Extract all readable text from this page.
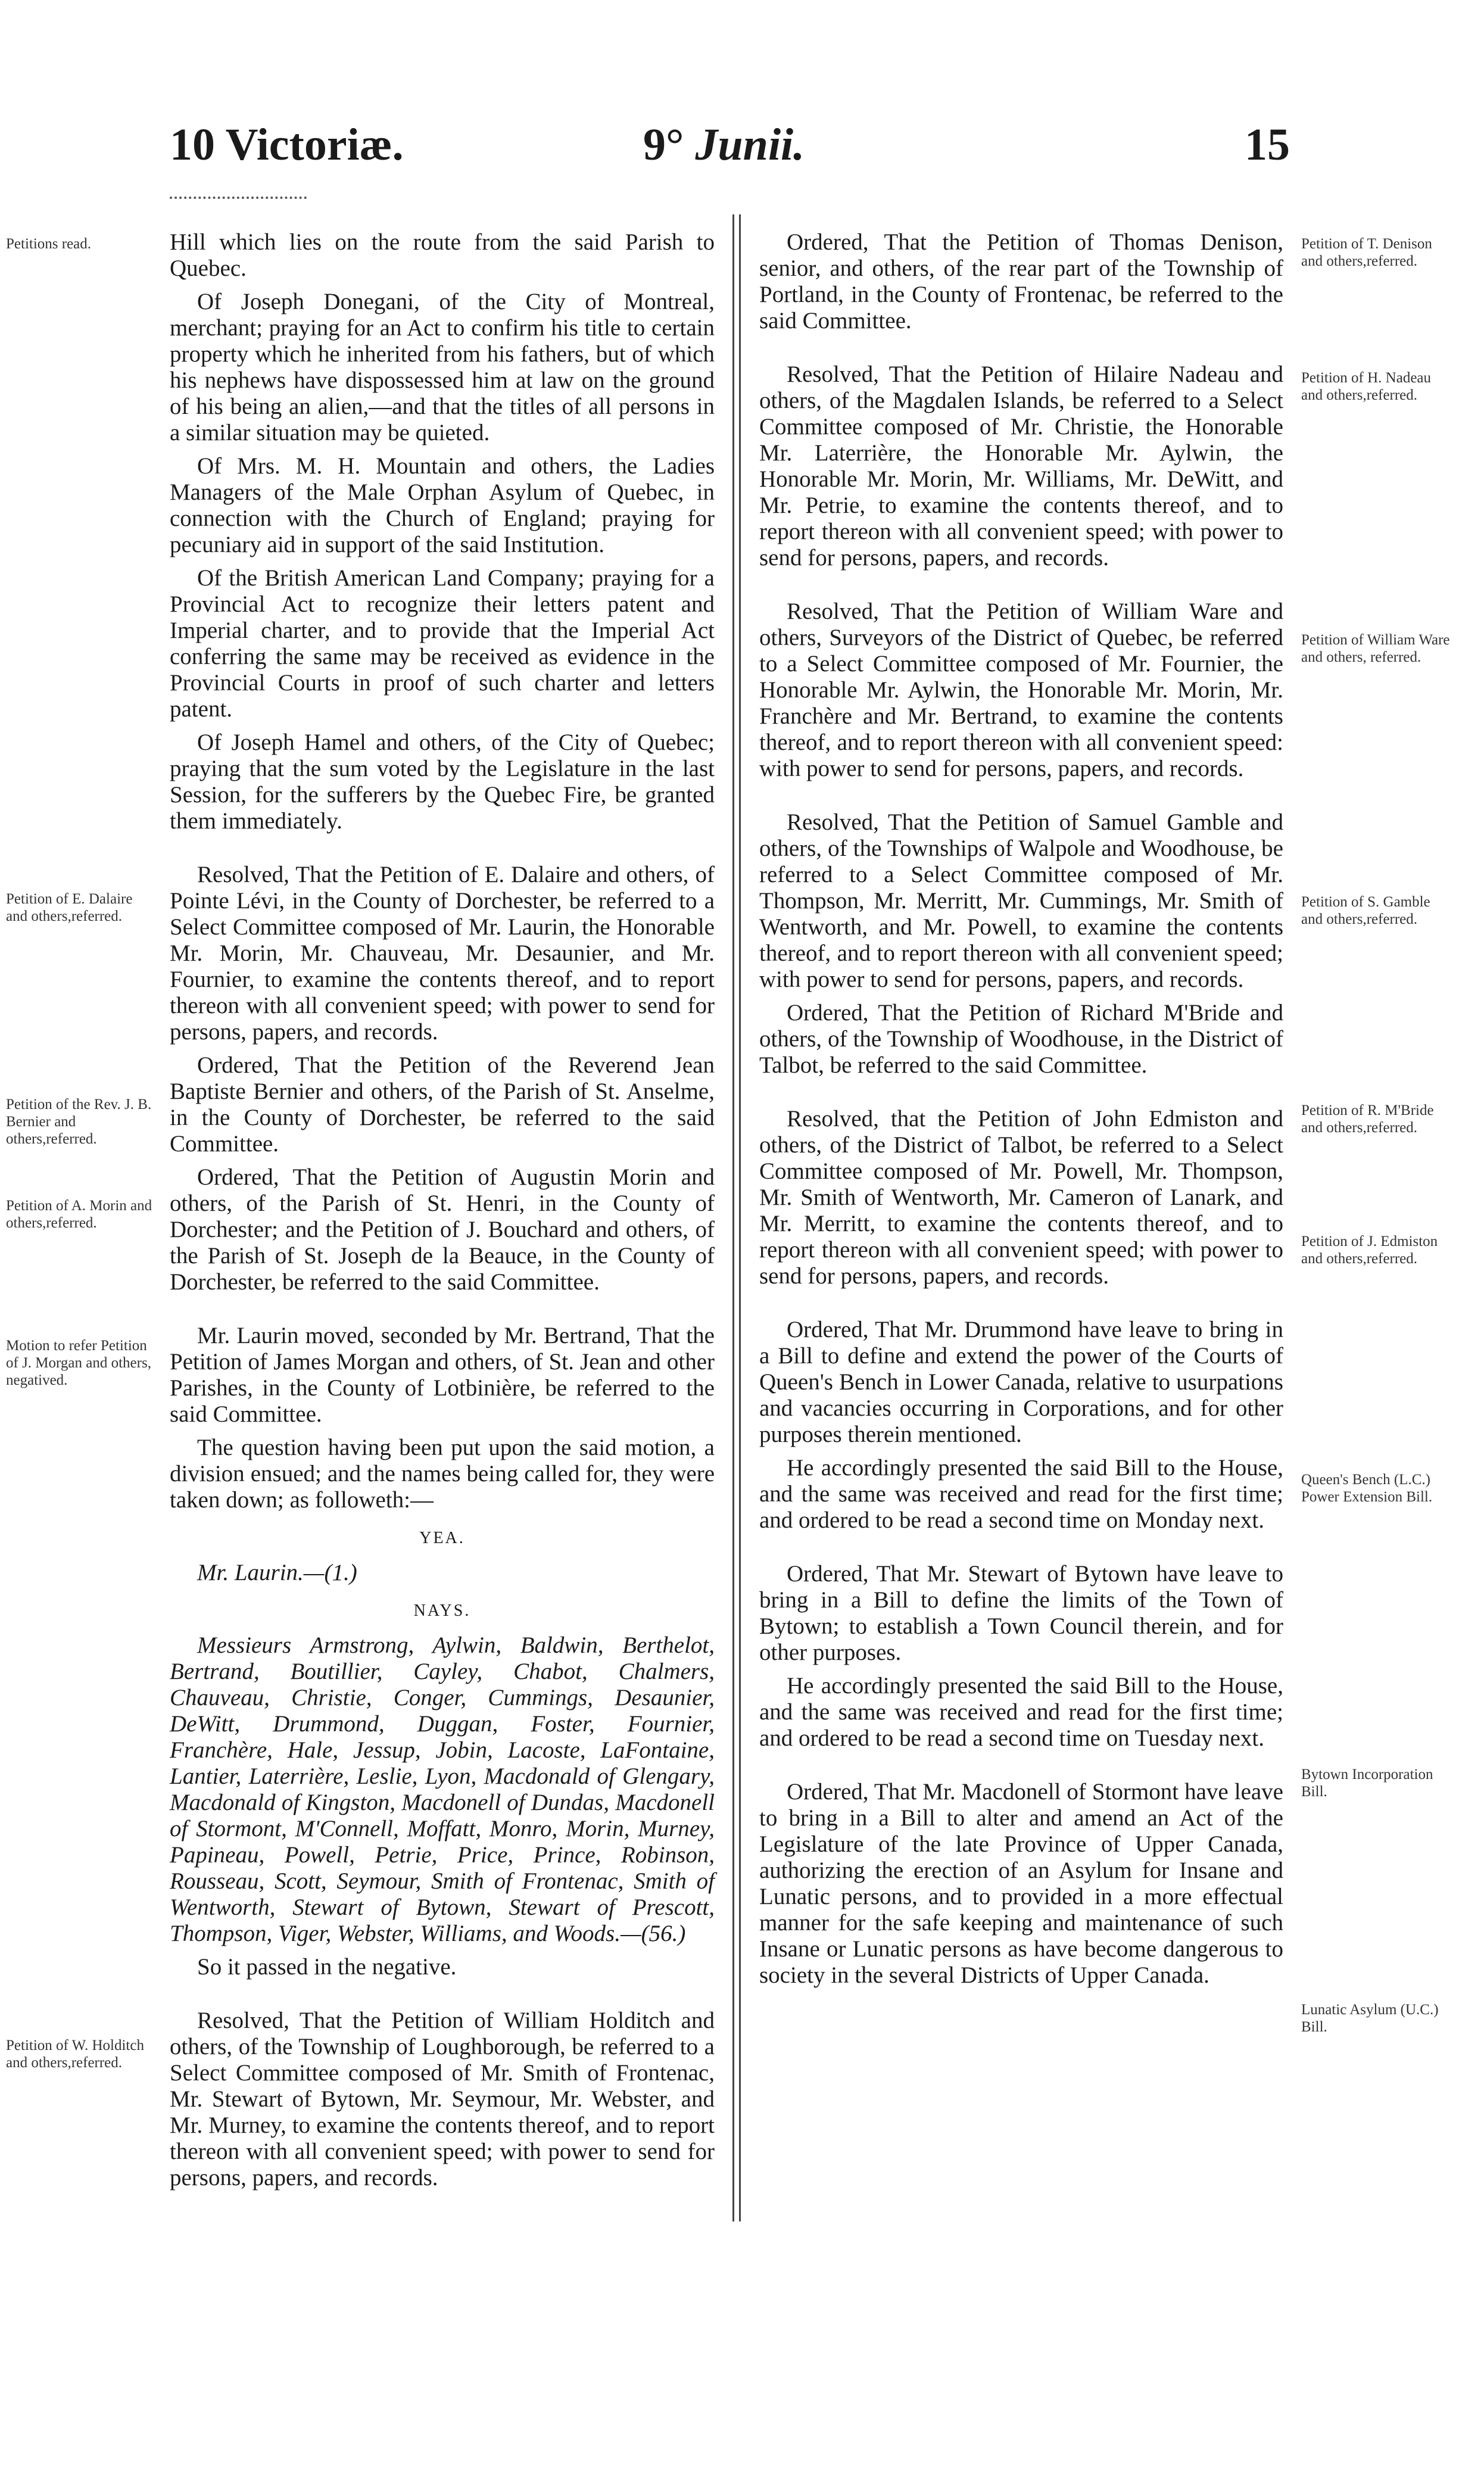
10 Victoriæ.	9° Junii.	15
Petitions read.
Petition of E. Dalaire and others,referred.
Petition of the Rev. J. B. Bernier and others,referred.
Petition of A. Morin and others,referred.
Motion to refer Petition of J. Morgan and others, negatived.
Petition of W. Holditch and others,referred.
Petition of T. Denison and others,referred.
Petition of H. Nadeau and others,referred.
Petition of William Ware and others, referred.
Petition of S. Gamble and others,referred.
Petition of R. M'Bride and others,referred.
Petition of J. Edmiston and others,referred.
Queen's Bench (L.C.) Power Extension Bill.
Bytown Incorporation Bill.
Lunatic Asylum (U.C.) Bill.

Hill which lies on the route from the said Parish to Quebec.

Of Joseph Donegani, of the City of Montreal, merchant; praying for an Act to confirm his title to certain property which he inherited from his fathers, but of which his nephews have dispossessed him at law on the ground of his being an alien,—and that the titles of all persons in a similar situation may be quieted.

Of Mrs. M. H. Mountain and others, the Ladies Managers of the Male Orphan Asylum of Quebec, in connection with the Church of England; praying for pecuniary aid in support of the said Institution.

Of the British American Land Company; praying for a Provincial Act to recognize their letters patent and Imperial charter, and to provide that the Imperial Act conferring the same may be received as evidence in the Provincial Courts in proof of such charter and letters patent.

Of Joseph Hamel and others, of the City of Quebec; praying that the sum voted by the Legislature in the last Session, for the sufferers by the Quebec Fire, be granted them immediately.

Resolved, That the Petition of E. Dalaire and others, of Pointe Lévi, in the County of Dorchester, be referred to a Select Committee composed of Mr. Laurin, the Honorable Mr. Morin, Mr. Chauveau, Mr. Desaunier, and Mr. Fournier, to examine the contents thereof, and to report thereon with all convenient speed; with power to send for persons, papers, and records.

Ordered, That the Petition of the Reverend Jean Baptiste Bernier and others, of the Parish of St. Anselme, in the County of Dorchester, be referred to the said Committee.

Ordered, That the Petition of Augustin Morin and others, of the Parish of St. Henri, in the County of Dorchester; and the Petition of J. Bouchard and others, of the Parish of St. Joseph de la Beauce, in the County of Dorchester, be referred to the said Committee.

Mr. Laurin moved, seconded by Mr. Bertrand, That the Petition of James Morgan and others, of St. Jean and other Parishes, in the County of Lotbinière, be referred to the said Committee.

The question having been put upon the said motion, a division ensued; and the names being called for, they were taken down; as followeth:—

YEA.

Mr. Laurin.—(1.)

NAYS.

Messieurs Armstrong, Aylwin, Baldwin, Berthelot, Bertrand, Boutillier, Cayley, Chabot, Chalmers, Chauveau, Christie, Conger, Cummings, Desaunier, DeWitt, Drummond, Duggan, Foster, Fournier, Franchère, Hale, Jessup, Jobin, Lacoste, LaFontaine, Lantier, Laterrière, Leslie, Lyon, Macdonald of Glengary, Macdonald of Kingston, Macdonell of Dundas, Macdonell of Stormont, M'Connell, Moffatt, Monro, Morin, Murney, Papineau, Powell, Petrie, Price, Prince, Robinson, Rousseau, Scott, Seymour, Smith of Frontenac, Smith of Wentworth, Stewart of Bytown, Stewart of Prescott, Thompson, Viger, Webster, Williams, and Woods.—(56.)

So it passed in the negative.

Resolved, That the Petition of William Holditch and others, of the Township of Loughborough, be referred to a Select Committee composed of Mr. Smith of Frontenac, Mr. Stewart of Bytown, Mr. Seymour, Mr. Webster, and Mr. Murney, to examine the contents thereof, and to report thereon with all convenient speed; with power to send for persons, papers, and records.

Ordered, That the Petition of Thomas Denison, senior, and others, of the rear part of the Township of Portland, in the County of Frontenac, be referred to the said Committee.

Resolved, That the Petition of Hilaire Nadeau and others, of the Magdalen Islands, be referred to a Select Committee composed of Mr. Christie, the Honorable Mr. Laterrière, the Honorable Mr. Aylwin, the Honorable Mr. Morin, Mr. Williams, Mr. DeWitt, and Mr. Petrie, to examine the contents thereof, and to report thereon with all convenient speed; with power to send for persons, papers, and records.

Resolved, That the Petition of William Ware and others, Surveyors of the District of Quebec, be referred to a Select Committee composed of Mr. Fournier, the Honorable Mr. Aylwin, the Honorable Mr. Morin, Mr. Franchère and Mr. Bertrand, to examine the contents thereof, and to report thereon with all convenient speed: with power to send for persons, papers, and records.

Resolved, That the Petition of Samuel Gamble and others, of the Townships of Walpole and Woodhouse, be referred to a Select Committee composed of Mr. Thompson, Mr. Merritt, Mr. Cummings, Mr. Smith of Wentworth, and Mr. Powell, to examine the contents thereof, and to report thereon with all convenient speed; with power to send for persons, papers, and records.

Ordered, That the Petition of Richard M'Bride and others, of the Township of Woodhouse, in the District of Talbot, be referred to the said Committee.

Resolved, that the Petition of John Edmiston and others, of the District of Talbot, be referred to a Select Committee composed of Mr. Powell, Mr. Thompson, Mr. Smith of Wentworth, Mr. Cameron of Lanark, and Mr. Merritt, to examine the contents thereof, and to report thereon with all convenient speed; with power to send for persons, papers, and records.

Ordered, That Mr. Drummond have leave to bring in a Bill to define and extend the power of the Courts of Queen's Bench in Lower Canada, relative to usurpations and vacancies occurring in Corporations, and for other purposes therein mentioned.

He accordingly presented the said Bill to the House, and the same was received and read for the first time; and ordered to be read a second time on Monday next.

Ordered, That Mr. Stewart of Bytown have leave to bring in a Bill to define the limits of the Town of Bytown; to establish a Town Council therein, and for other purposes.

He accordingly presented the said Bill to the House, and the same was received and read for the first time; and ordered to be read a second time on Tuesday next.

Ordered, That Mr. Macdonell of Stormont have leave to bring in a Bill to alter and amend an Act of the Legislature of the late Province of Upper Canada, authorizing the erection of an Asylum for Insane and Lunatic persons, and to provided in a more effectual manner for the safe keeping and maintenance of such Insane or Lunatic persons as have become dangerous to society in the several Districts of Upper Canada.
